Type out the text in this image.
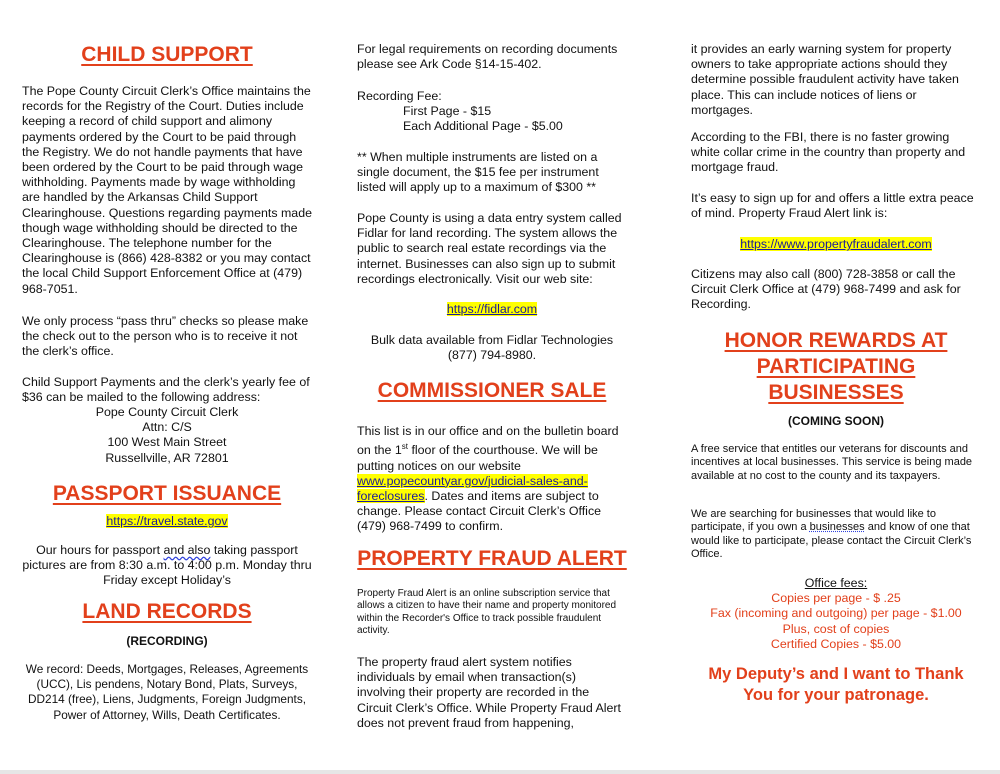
CHILD SUPPORT

The Pope County Circuit Clerk’s Office maintains the records for the Registry of the Court. Duties include keeping a record of child support and alimony payments ordered by the Court to be paid through the Registry. We do not handle payments that have been ordered by the Court to be paid through wage withholding. Payments made by wage withholding are handled by the Arkansas Child Support Clearinghouse. Questions regarding payments made though wage withholding should be directed to the Clearinghouse. The telephone number for the Clearinghouse is (866) 428-8382 or you may contact the local Child Support Enforcement Office at (479) 968-7051.

We only process “pass thru” checks so please make the check out to the person who is to receive it not the clerk’s office.

Child Support Payments and the clerk’s yearly fee of $36 can be mailed to the following address:

Pope County Circuit Clerk
Attn: C/S
100 West Main Street
Russellville, AR 72801
PASSPORT ISSUANCE

https://travel.state.gov

Our hours for passport and also taking passport pictures are from 8:30 a.m. to 4:00 p.m. Monday thru Friday except Holiday’s

LAND RECORDS

(RECORDING)

We record: Deeds, Mortgages, Releases, Agreements (UCC), Lis pendens, Notary Bond, Plats, Surveys, DD214 (free), Liens, Judgments, Foreign Judgments, Power of Attorney, Wills, Death Certificates.

For legal requirements on recording documents please see Ark Code §14-15-402.

Recording Fee:
First Page - $15
Each Additional Page - $5.00

** When multiple instruments are listed on a single document, the $15 fee per instrument listed will apply up to a maximum of $300 **

Pope County is using a data entry system called Fidlar for land recording. The system allows the public to search real estate recordings via the internet. Businesses can also sign up to submit recordings electronically. Visit our web site:

https://fidlar.com

Bulk data available from Fidlar Technologies (877) 794-8980.

COMMISSIONER SALE

This list is in our office and on the bulletin board on the 1st floor of the courthouse. We will be putting notices on our website www.popecountyar.gov/judicial-sales-and-foreclosures. Dates and items are subject to change. Please contact Circuit Clerk’s Office (479) 968-7499 to confirm.

PROPERTY FRAUD ALERT

Property Fraud Alert is an online subscription service that allows a citizen to have their name and property monitored within the Recorder's Office to track possible fraudulent activity.

The property fraud alert system notifies individuals by email when transaction(s) involving their property are recorded in the Circuit Clerk’s Office. While Property Fraud Alert does not prevent fraud from happening,

it provides an early warning system for property owners to take appropriate actions should they determine possible fraudulent activity have taken place. This can include notices of liens or mortgages.

According to the FBI, there is no faster growing white collar crime in the country than property and mortgage fraud.

It’s easy to sign up for and offers a little extra peace of mind. Property Fraud Alert link is:

https://www.propertyfraudalert.com

Citizens may also call (800) 728-3858 or call the Circuit Clerk Office at (479) 968-7499 and ask for Recording.

HONOR REWARDS AT PARTICIPATING BUSINESSES

(COMING SOON)

A free service that entitles our veterans for discounts and incentives at local businesses. This service is being made available at no cost to the county and its taxpayers.

We are searching for businesses that would like to participate, if you own a businesses and know of one that would like to participate, please contact the Circuit Clerk’s Office.

Office fees:
Copies per page - $ .25
Fax (incoming and outgoing) per page - $1.00
Plus, cost of copies
Certified Copies - $5.00

My Deputy’s and I want to Thank You for your patronage.
